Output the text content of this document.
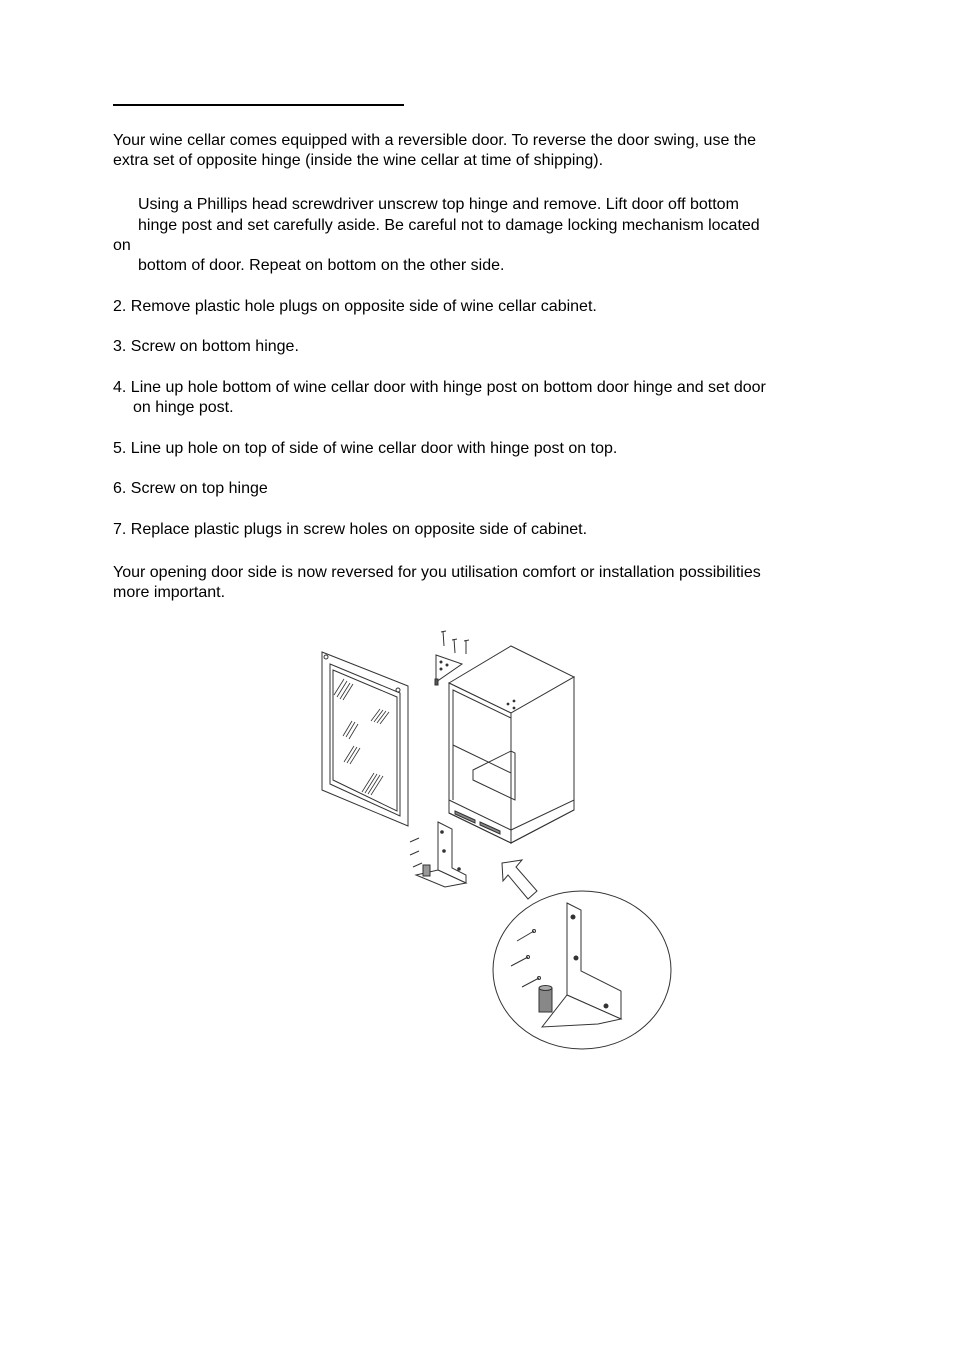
Your wine cellar comes equipped with a reversible door. To reverse the door swing, use the

extra set of opposite hinge (inside the wine cellar at time of shipping).

Using a Phillips head screwdriver unscrew top hinge and remove. Lift door off bottom

hinge post and set carefully aside. Be careful not to damage locking mechanism located

on

bottom of door. Repeat on bottom on the other side.

2. Remove plastic hole plugs on opposite side of wine cellar cabinet.

3. Screw on bottom hinge.

4. Line up hole bottom of wine cellar door with hinge post on bottom door hinge and set door

on hinge post.

5. Line up hole on top of side of wine cellar door with hinge post on top.

6. Screw on top hinge

7. Replace plastic plugs in screw holes on opposite side of cabinet.

Your opening door side is now reversed for you utilisation comfort or installation possibilities

more important.
